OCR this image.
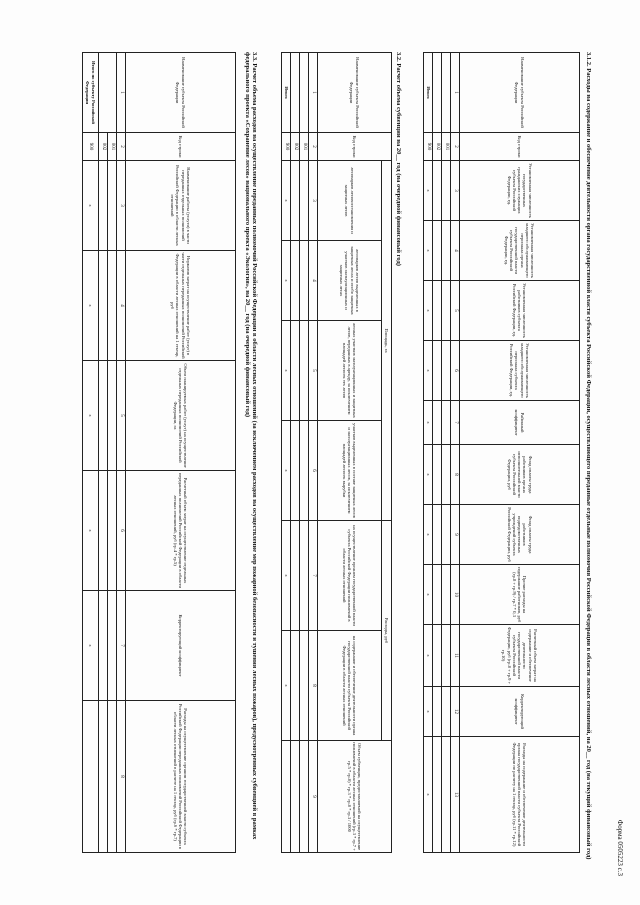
Форма 0505223 с.3
3.1.2. Расходы на содержание и обеспечение деятельности органа государственной власти субъекта Российской Федерации, осуществляющего переданные отдельные полномочия Российской Федерации в области лесных отношений, на 20__ год (на текущий финансовый год)
Наименование субъекта Российской Федерации	Код строки	Установленная численность государственных гражданских служащих субъекта Российской Федерации, ед.	Установленная численность младшего обслуживающего персонала органа государственной власти субъекта Российской Федерации, ед.	Установленная численность работников субъекта Российской Федерации, ед.	Установленная численность младшего обслуживающего персонала субъекта Российской Федерации, ед.	Районный коэффициент	Фонд оплаты труда работников органа исполнительной власти субъекта Российской Федерации, руб	Фонд оплаты труда работников подведомственных учреждений субъекта Российской Федерации, руб	Прочие расходы на содержание работников, руб (гр.8 + гр.9) / гр.7 * 0,3	Расчетный объем затрат на содержание и обеспечение деятельности государственной власти субъекта Российской Федерации, руб (гр.8 + гр.9 + гр.10)	Корректирующий коэффициент	Расходы на содержание и обеспечение деятельности органа государственной власти субъекта Российской Федерации по расчету на 1 гектар, руб (гр.11 * гр.12)
1	2	3	4	5	6	7	8	9	10	11	12	13
	001											
	002											
Итого	900	x	x	x	x	x	x	x	x	x	x	x
3.2. Расчет объема субвенции на 20__ год (на очередной финансовый год)
Наименование субъекта Российской Федерации	Код строки	Площадь, га				Расходы, руб		Объем субвенции, предоставляемой на осуществление полномочий в области лесных отношений (гр.3 * гр.7 + гр.5 * гр.8) * гр.3 * гр.8 * гр.3 / 1000
		лесопарков лесовосстановления и защитных лесов	лесопарков лесов выделенных в защитных лесах и особо защитных участков эксплуатационных и защитных лесах	лесных участков эксплуатационных и защитных лесов, переданных в аренду, за исключением площадей лесосек тех лесов	участков выделенных в составе защитных лесов и эксплуатационных лесов, за исключением площадей лесосек вырубки	на осуществление органом государственной власти субъекта Российской Федерации полномочий в области лесных отношений	на содержание и обеспечение деятельности органа государственной власти субъекта Российской Федерации в области лесных отношений	
1	2	3	4	5	6	7	8	9
	001							
	002							
Итого	900	x	x	x	x	x	x	
3.3. Расчет объема расходов на осуществление переданных полномочий Российской Федерации в области лесных отношений (за исключением расходов на осуществление мер пожарной безопасности и тушения лесных пожаров), предусмотренных субвенцией в рамках федерального проекта «Сохранение лесов» национального проекта «Экология», на 20__ год (на очередной финансовый год)
Наименование субъекта Российской Федерации	Код строки	Наименование работы (услуги) в части переданных отдельных полномочий Российской Федерации в области лесных отношений	Норматив затрат на осуществление работ (услуг) в части отдельных переданных полномочий Российской Федерации в области лесных отношений на 1 гектар, руб	Объем планируемых работ (услуг) на осуществление отдельных переданных полномочий Российской Федерации, га	Расчетный объем затрат на осуществление отдельных переданных полномочий Российской Федерации в области лесных отношений, руб (гр.4 * гр.5)	Корректирующий коэффициент	Расходы на осуществление органом государственной власти субъекта Российской Федерации переданных полномочий Российской Федерации в области лесных отношений в расчете на 1 гектар, руб (гр.6 * гр.7)
1	2	3	4	5	6	7	8
	001						
	002						
Итого по субъекту Российской Федерации	900	x	x	x	x	x	
